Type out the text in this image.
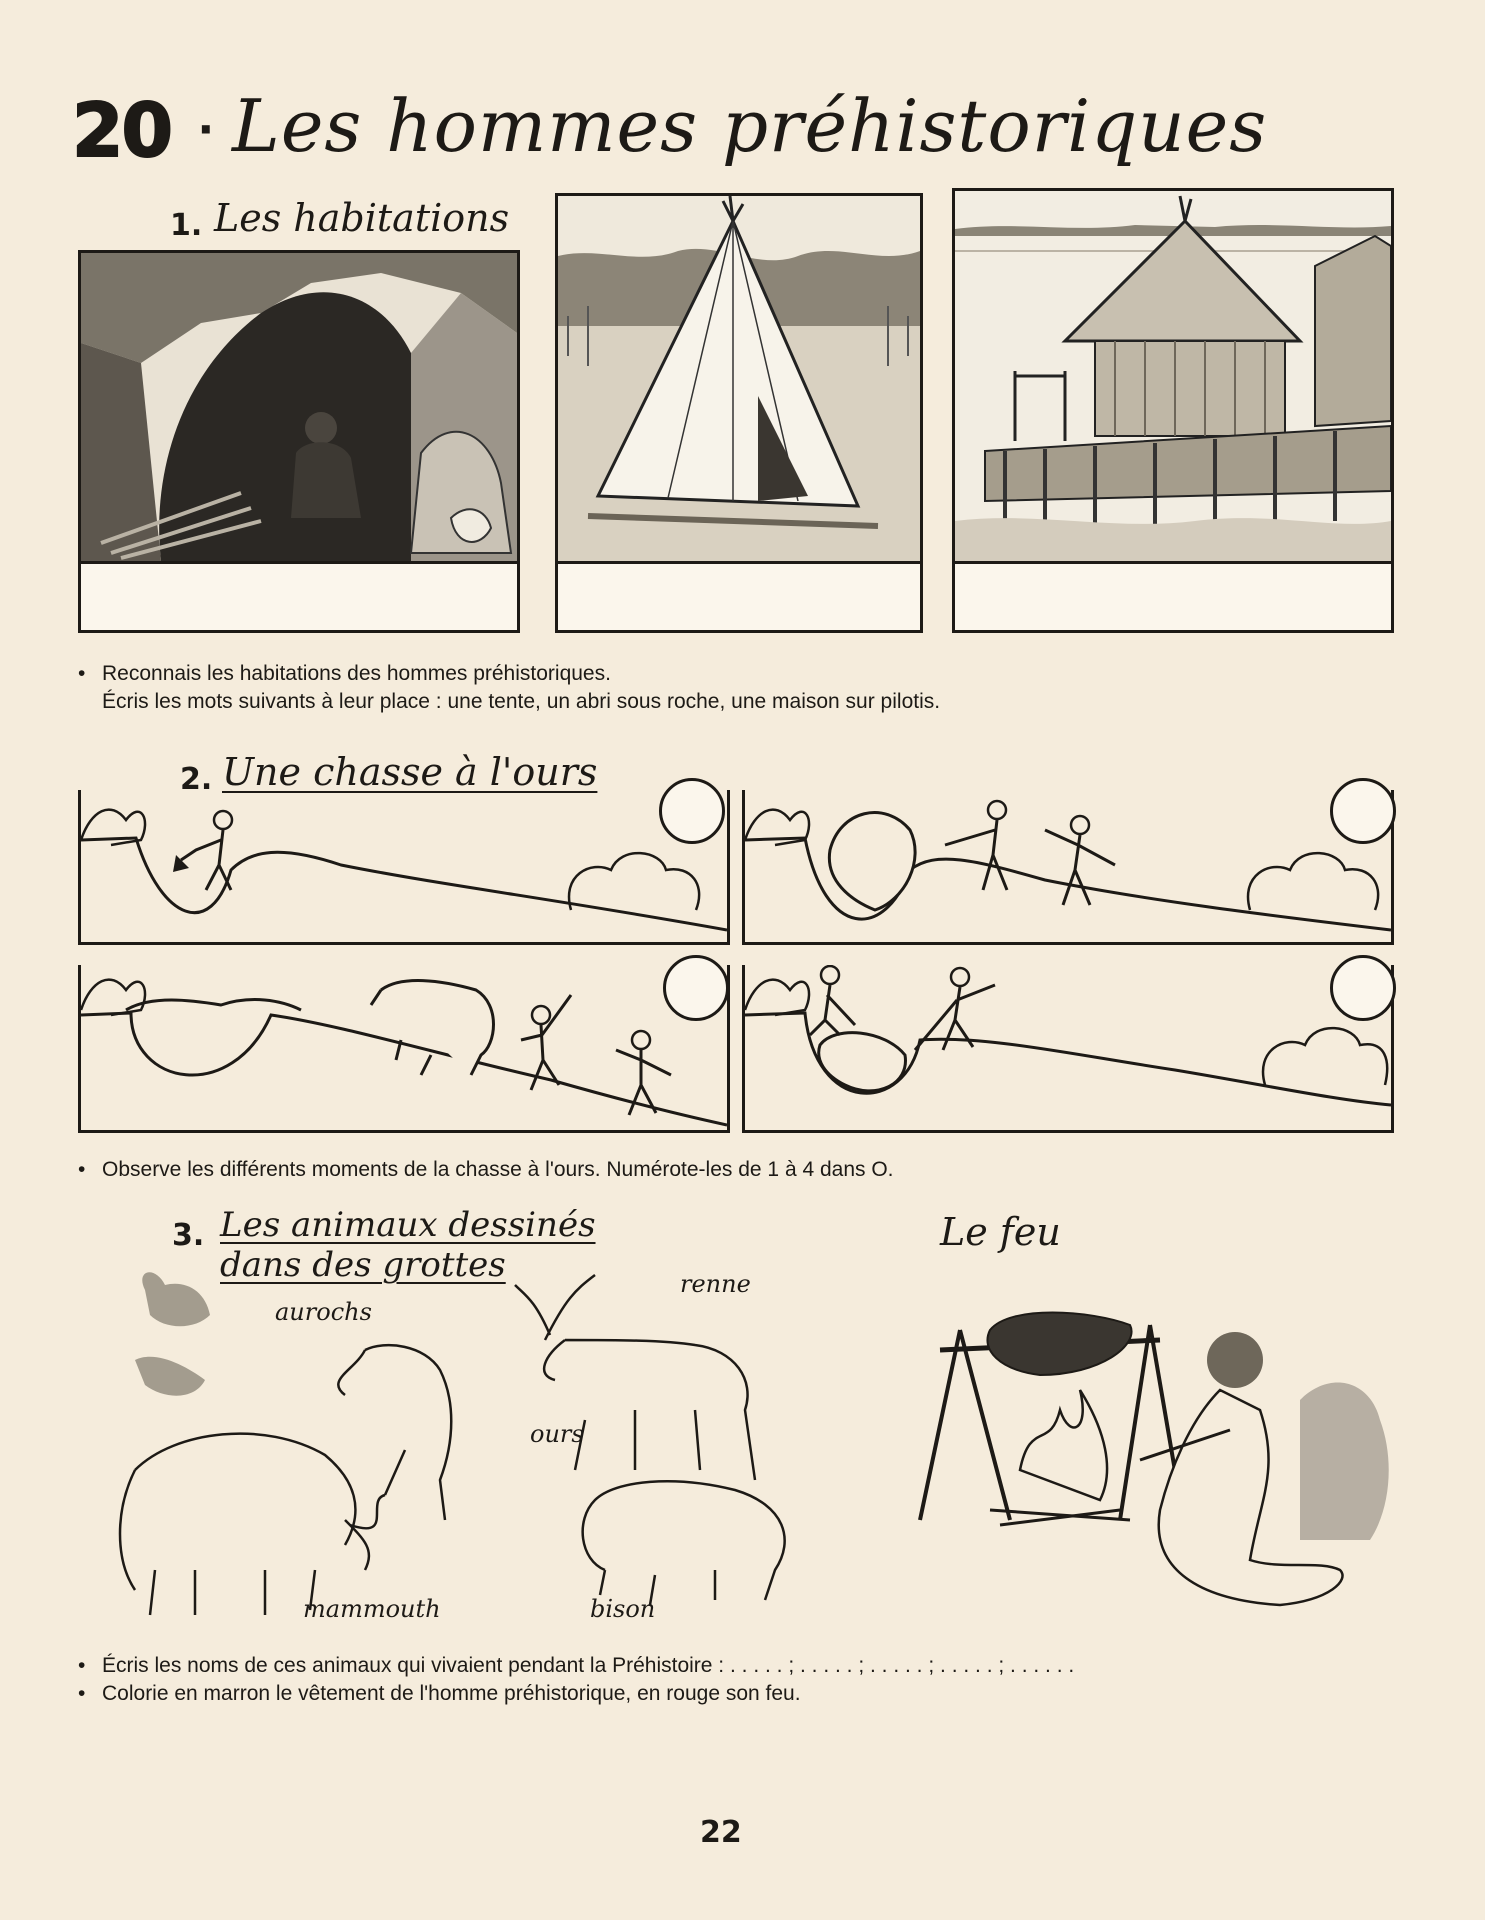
20 · Les hommes préhistoriques
1. Les habitations
• Reconnais les habitations des hommes préhistoriques.
Écris les mots suivants à leur place : une tente, un abri sous roche, une maison sur pilotis.
2. Une chasse à l'ours
• Observe les différents moments de la chasse à l'ours. Numérote-les de 1 à 4 dans O.
3. Les animaux dessinés
dans des grottes
Le feu
aurochs
renne
ours
mammouth	bison
• Écris les noms de ces animaux qui vivaient pendant la Préhistoire : . . . . . ; . . . . . ; . . . . . ; . . . . . ; . . . . . .
• Colorie en marron le vêtement de l'homme préhistorique, en rouge son feu.
22
